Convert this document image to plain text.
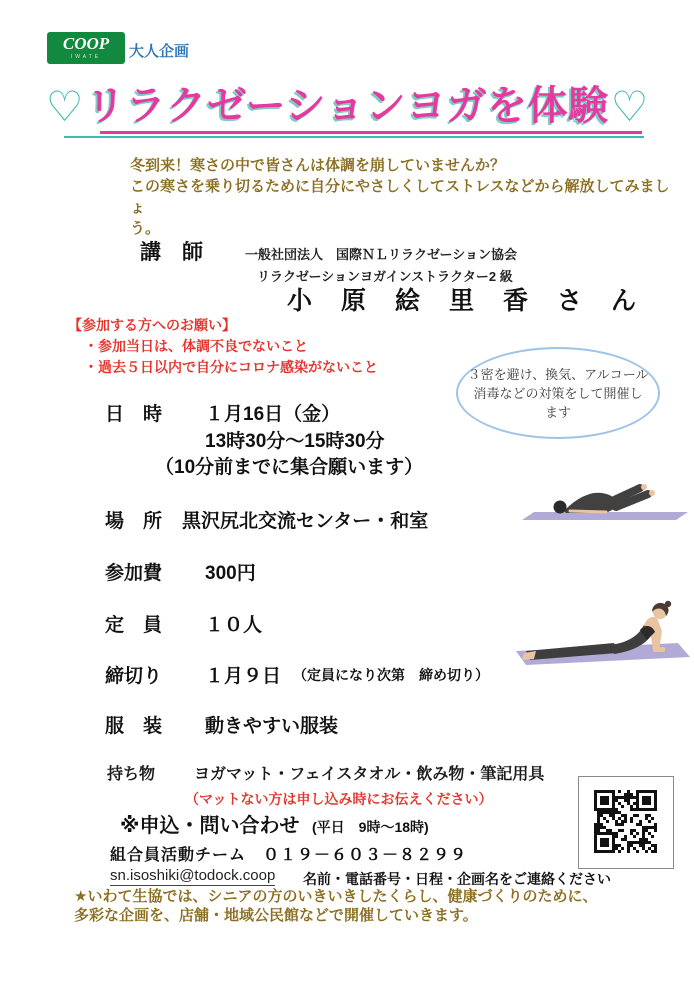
COOP
IWATE	大人企画
♡リラクゼーションヨガを体験♡
冬到来！寒さの中で皆さんは体調を崩していませんか？
この寒さを乗り切るために自分にやさしくしてストレスなどから解放してみましょ
う。
講　師	一般社団法人　国際ＮＬリラクゼーション協会
リラクゼーションヨガインストラクター2 級
小　原　絵　里　香　さ　ん
【参加する方へのお願い】
・参加当日は、体調不良でないこと
・過去５日以内で自分にコロナ感染がないこと	３密を避け、換気、アルコール
消毒などの対策をして開催し
ます
日　時 １月16日（金）
13時30分～15時30分
（10分前までに集合願います）
場　所 黒沢尻北交流センター・和室
参加費 300円
定　員 １０人
締切り １月９日 （定員になり次第　締め切り）
服　装 動きやすい服装
持ち物 ヨガマット・フェイスタオル・飲み物・筆記用具
（マットない方は申し込み時にお伝えください）
※申込・問い合わせ (平日　9時～18時)
組合員活動チーム　０１９－６０３－８２９９
sn.isoshiki@todock.coop 名前・電話番号・日程・企画名をご連絡ください
★いわて生協では、シニアの方のいきいきしたくらし、健康づくりのために、
多彩な企画を、店舗・地域公民館などで開催していきます。
